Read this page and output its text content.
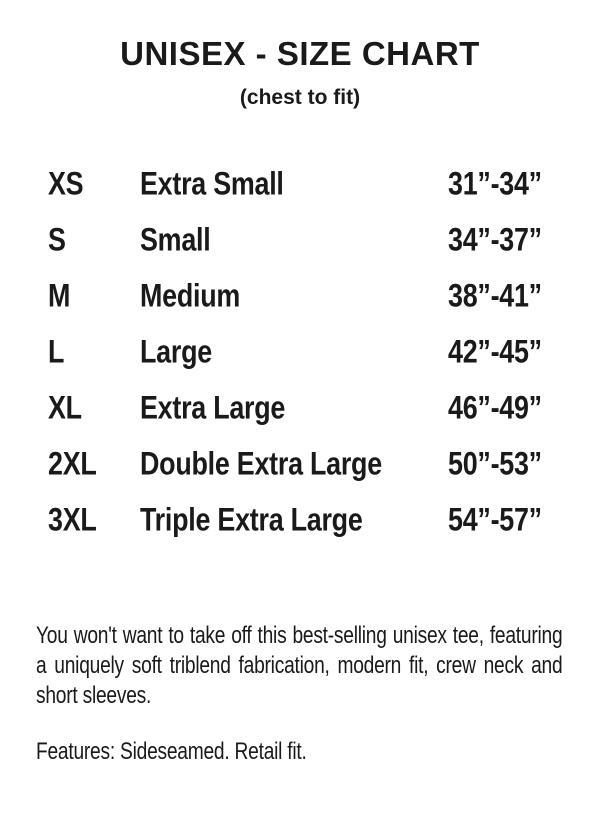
UNISEX - SIZE CHART
(chest to fit)
XS Extra Small	31”-34”
S Small	34”-37”
M Medium	38”-41”
L Large	42”-45”
XL Extra Large	46”-49”
2XL Double Extra Large 50”-53”
3XL Triple Extra Large	54”-57”
You won't want to take off this best-selling unisex tee, featuring a uniquely soft triblend fabrication, modern fit, crew neck and short sleeves.
Features: Sideseamed. Retail fit.
